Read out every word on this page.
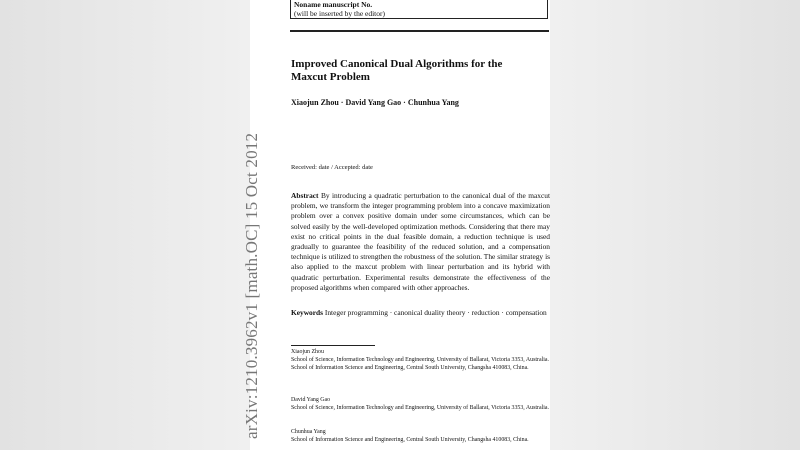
arXiv:1210.3962v1 [math.OC] 15 Oct 2012
Noname manuscript No.
(will be inserted by the editor)
Improved Canonical Dual Algorithms for the Maxcut Problem
Xiaojun Zhou · David Yang Gao · Chunhua Yang
Received: date / Accepted: date
Abstract By introducing a quadratic perturbation to the canonical dual of the maxcut problem, we transform the integer programming problem into a concave maximization problem over a convex positive domain under some circumstances, which can be solved easily by the well-developed optimization methods. Considering that there may exist no critical points in the dual feasible domain, a reduction technique is used gradually to guarantee the feasibility of the reduced solution, and a compensation technique is utilized to strengthen the robustness of the solution. The similar strategy is also applied to the maxcut problem with linear perturbation and its hybrid with quadratic perturbation. Experimental results demonstrate the effectiveness of the proposed algorithms when compared with other approaches.
Keywords Integer programming · canonical duality theory · reduction · compensation
Xiaojun Zhou
School of Science, Information Technology and Engineering, University of Ballarat, Victoria 3353, Australia.
School of Information Science and Engineering, Central South University, Changsha 410083, China.
David Yang Gao
School of Science, Information Technology and Engineering, University of Ballarat, Victoria 3353, Australia.
Chunhua Yang
School of Information Science and Engineering, Central South University, Changsha 410083, China.
